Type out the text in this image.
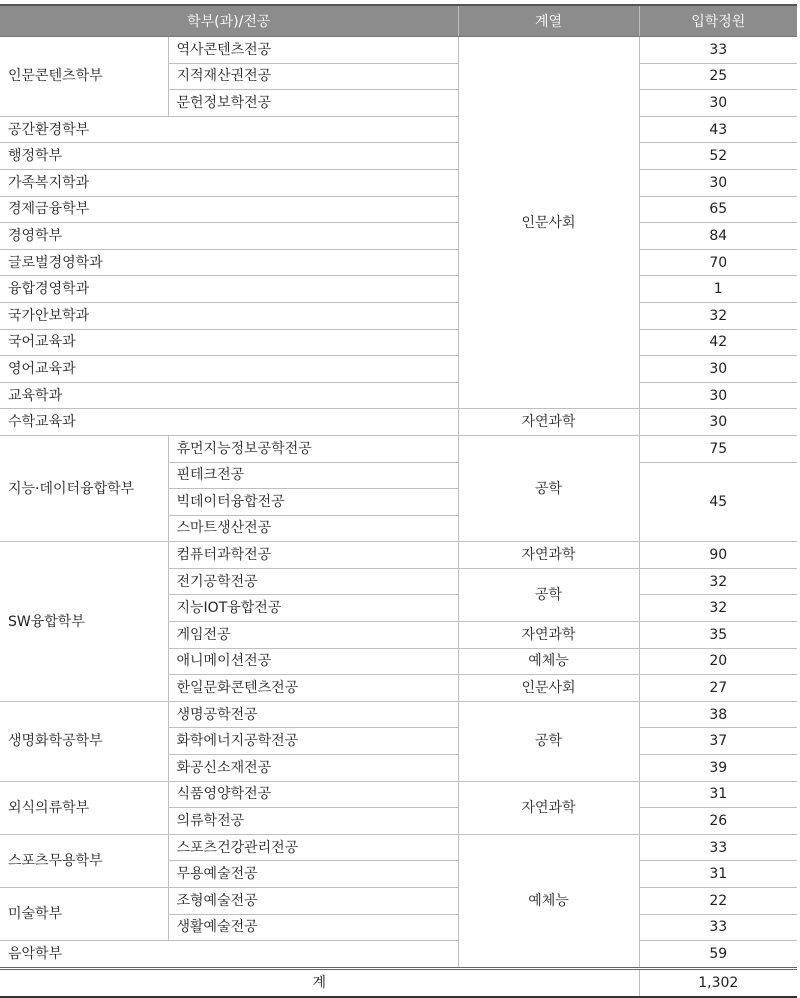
학부(과)/전공		계열	입학정원
인문콘텐츠학부	역사콘텐츠전공	인문사회	33
	지적재산권전공		25
	문헌정보학전공		30
공간환경학부			43
행정학부			52
가족복지학과			30
경제금융학부			65
경영학부			84
글로벌경영학과			70
융합경영학과			1
국가안보학과			32
국어교육과			42
영어교육과			30
교육학과			30
수학교육과		자연과학	30
지능·데이터융합학부	휴먼지능정보공학전공	공학	75
	핀테크전공		45
	빅데이터융합전공		
	스마트생산전공		
SW융합학부	컴퓨터과학전공	자연과학	90
	전기공학전공	공학	32
	지능IOT융합전공		32
	게임전공	자연과학	35
	애니메이션전공	예체능	20
	한일문화콘텐츠전공	인문사회	27
생명화학공학부	생명공학전공	공학	38
	화학에너지공학전공		37
	화공신소재전공		39
외식의류학부	식품영양학전공	자연과학	31
	의류학전공		26
스포츠무용학부	스포츠건강관리전공	예체능	33
	무용예술전공		31
미술학부	조형예술전공		22
	생활예술전공		33
음악학부			59
계			1,302
